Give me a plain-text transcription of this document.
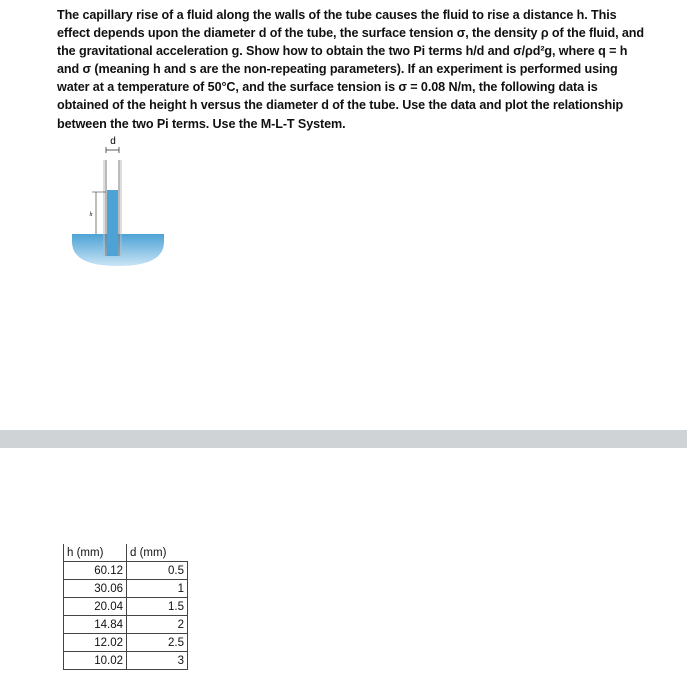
The capillary rise of a fluid along the walls of the tube causes the fluid to rise a distance h. This effect depends upon the diameter d of the tube, the surface tension σ, the density ρ of the fluid, and the gravitational acceleration g. Show how to obtain the two Pi terms h/d and σ/ρd²g, where q = h and σ (meaning h and s are the non-repeating parameters). If an experiment is performed using water at a temperature of 50°C, and the surface tension is σ = 0.08 N/m, the following data is obtained of the height h versus the diameter d of the tube. Use the data and plot the relationship between the two Pi terms. Use the M-L-T System.

d
h
h (mm)	d (mm)
60.12	0.5
30.06	1
20.04	1.5
14.84	2
12.02	2.5
10.02	3
